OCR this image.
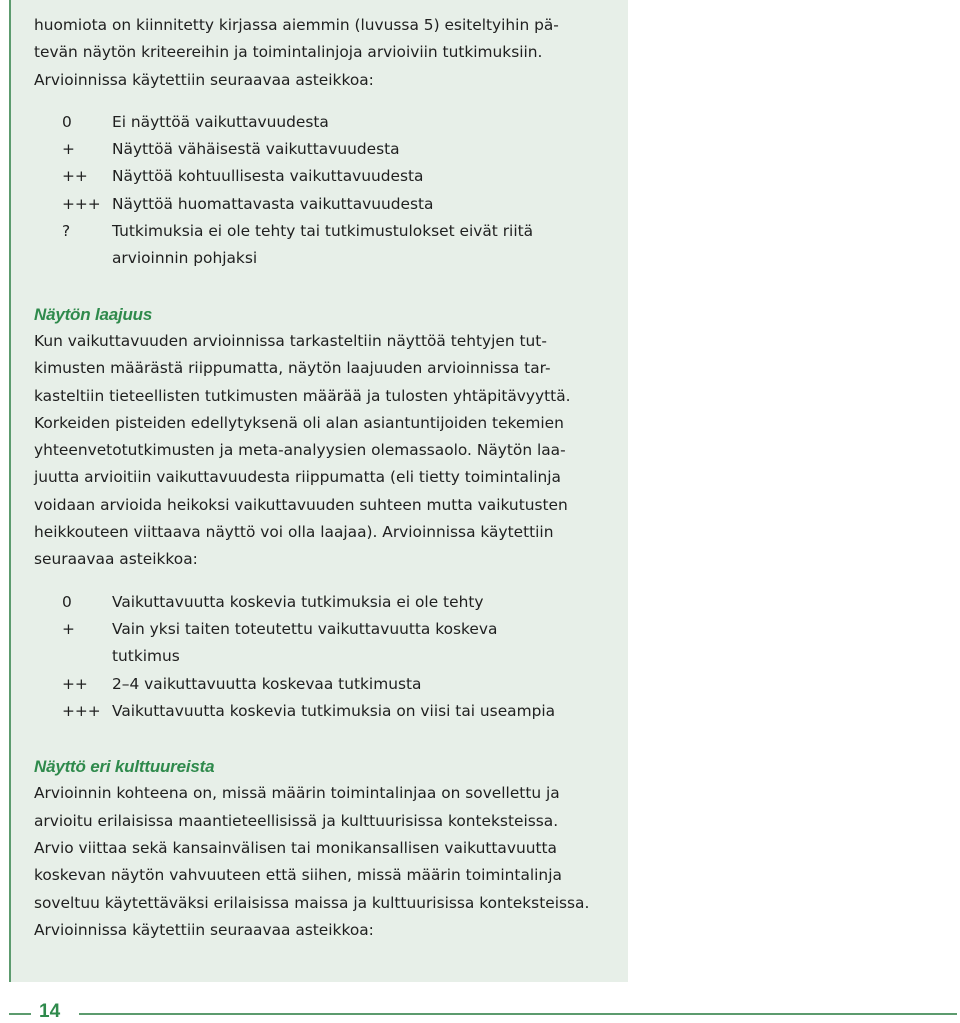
huomiota on kiinnitetty kirjassa aiemmin (luvussa 5) esiteltyihin pä-

tevän näytön kriteereihin ja toimintalinjoja arvioiviin tutkimuksiin.

Arvioinnissa käytettiin seuraavaa asteikkoa:

0	Ei näyttöä vaikuttavuudesta
+	Näyttöä vähäisestä vaikuttavuudesta
++	Näyttöä kohtuullisesta vaikuttavuudesta
+++ Näyttöä huomattavasta vaikuttavuudesta
?	Tutkimuksia ei ole tehty tai tutkimustulokset eivät riitä arvioinnin pohjaksi
Näytön laajuus

Kun vaikuttavuuden arvioinnissa tarkasteltiin näyttöä tehtyjen tut-

kimusten määrästä riippumatta, näytön laajuuden arvioinnissa tar-

kasteltiin tieteellisten tutkimusten määrää ja tulosten yhtäpitävyyttä.

Korkeiden pisteiden edellytyksenä oli alan asiantuntijoiden tekemien

yhteenvetotutkimusten ja meta-analyysien olemassaolo. Näytön laa-

juutta arvioitiin vaikuttavuudesta riippumatta (eli tietty toimintalinja

voidaan arvioida heikoksi vaikuttavuuden suhteen mutta vaikutusten

heikkouteen viittaava näyttö voi olla laajaa). Arvioinnissa käytettiin

seuraavaa asteikkoa:

0	Vaikuttavuutta koskevia tutkimuksia ei ole tehty
+	Vain yksi taiten toteutettu vaikuttavuutta koskeva tutkimus
++	2–4 vaikuttavuutta koskevaa tutkimusta
+++ Vaikuttavuutta koskevia tutkimuksia on viisi tai useampia
Näyttö eri kulttuureista

Arvioinnin kohteena on, missä määrin toimintalinjaa on sovellettu ja

arvioitu erilaisissa maantieteellisissä ja kulttuurisissa konteksteissa.

Arvio viittaa sekä kansainvälisen tai monikansallisen vaikuttavuutta

koskevan näytön vahvuuteen että siihen, missä määrin toimintalinja

soveltuu käytettäväksi erilaisissa maissa ja kulttuurisissa konteksteissa.

Arvioinnissa käytettiin seuraavaa asteikkoa:

14
